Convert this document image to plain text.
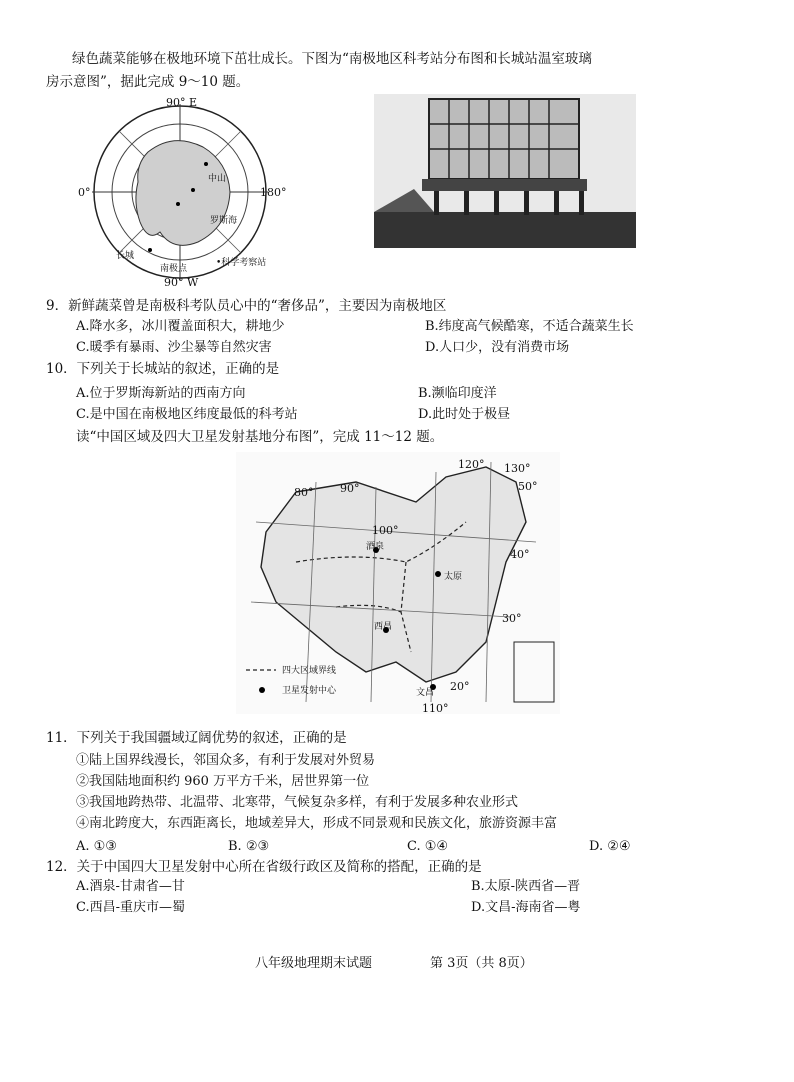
绿色蔬菜能够在极地环境下茁壮成长。下图为“南极地区科考站分布图和长城站温室玻璃
房示意图”，据此完成 9～10 题。
90° E
90° W
0°	180°
中山
长城
南极点
罗斯海
•科学考察站
9．新鲜蔬菜曾是南极科考队员心中的“奢侈品”，主要因为南极地区
A.降水多，冰川覆盖面积大，耕地少	B.纬度高气候酷寒，不适合蔬菜生长
C.暖季有暴雨、沙尘暴等自然灾害	D.人口少，没有消费市场
10．下列关于长城站的叙述，正确的是
A.位于罗斯海新站的西南方向	B.濒临印度洋
C.是中国在南极地区纬度最低的科考站	D.此时处于极昼
读“中国区域及四大卫星发射基地分布图”，完成 11～12 题。
80° 90°
100°
110°
120° 130°
20°
30°
40°
50°
酒泉
太原
西昌
文昌
四大区域界线
卫星发射中心
11．下列关于我国疆域辽阔优势的叙述，正确的是
①陆上国界线漫长，邻国众多，有利于发展对外贸易
②我国陆地面积约 960 万平方千米，居世界第一位
③我国地跨热带、北温带、北寒带，气候复杂多样，有利于发展多种农业形式
④南北跨度大，东西距离长，地域差异大，形成不同景观和民族文化，旅游资源丰富
A. ①③	B. ②③	C. ①④	D. ②④
12．关于中国四大卫星发射中心所在省级行政区及简称的搭配，正确的是
A.酒泉-甘肃省—甘	B.太原-陕西省—晋
C.西昌-重庆市—蜀	D.文昌-海南省—粤
八年级地理期末试题	第 3页（共 8页）
